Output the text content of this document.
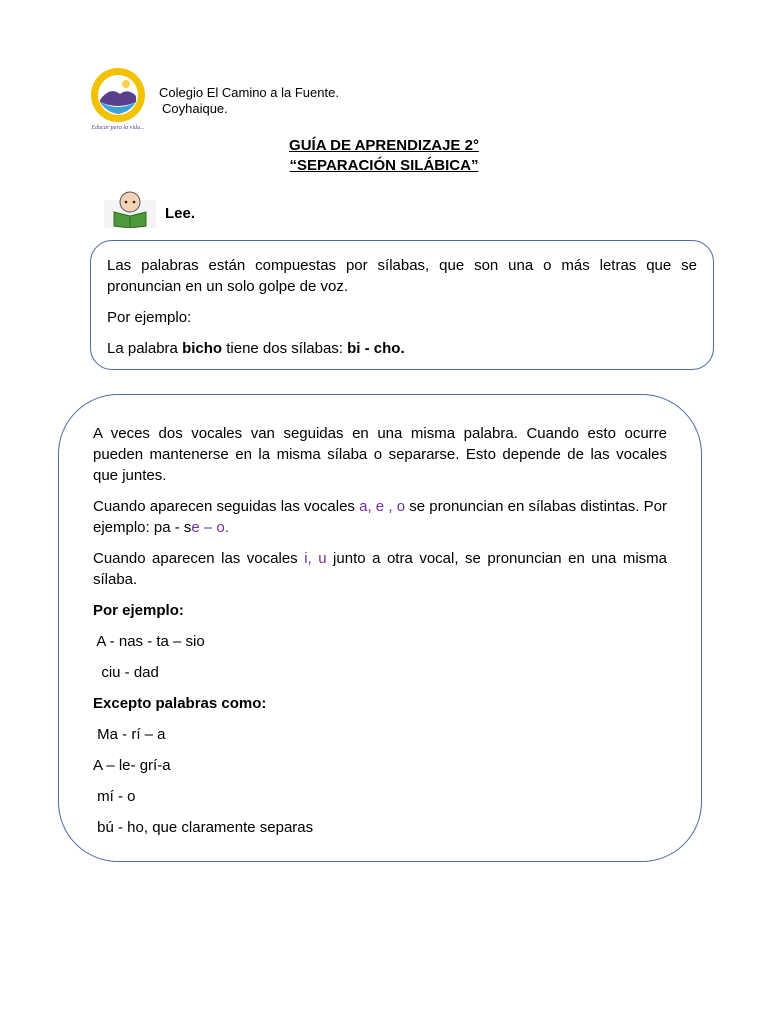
Educar para la vida...
Colegio El Camino a la Fuente.
Coyhaique.
GUÍA DE APRENDIZAJE 2°
“SEPARACIÓN SILÁBICA”
Lee.

Las palabras están compuestas por sílabas, que son una o más letras que se pronuncian en un solo golpe de voz.

Por ejemplo:

La palabra bicho tiene dos sílabas: bi - cho.

A veces dos vocales van seguidas en una misma palabra. Cuando esto ocurre pueden mantenerse en la misma sílaba o separarse. Esto depende de las vocales que juntes.

Cuando aparecen seguidas las vocales a, e , o se pronuncian en sílabas distintas. Por ejemplo: pa - se – o.

Cuando aparecen las vocales i, u junto a otra vocal, se pronuncian en una misma sílaba.

Por ejemplo:
A - nas - ta – sio
ciu - dad
Excepto palabras como:
Ma - rí – a
A – le- grí-a
mí - o
bú - ho, que claramente separas
